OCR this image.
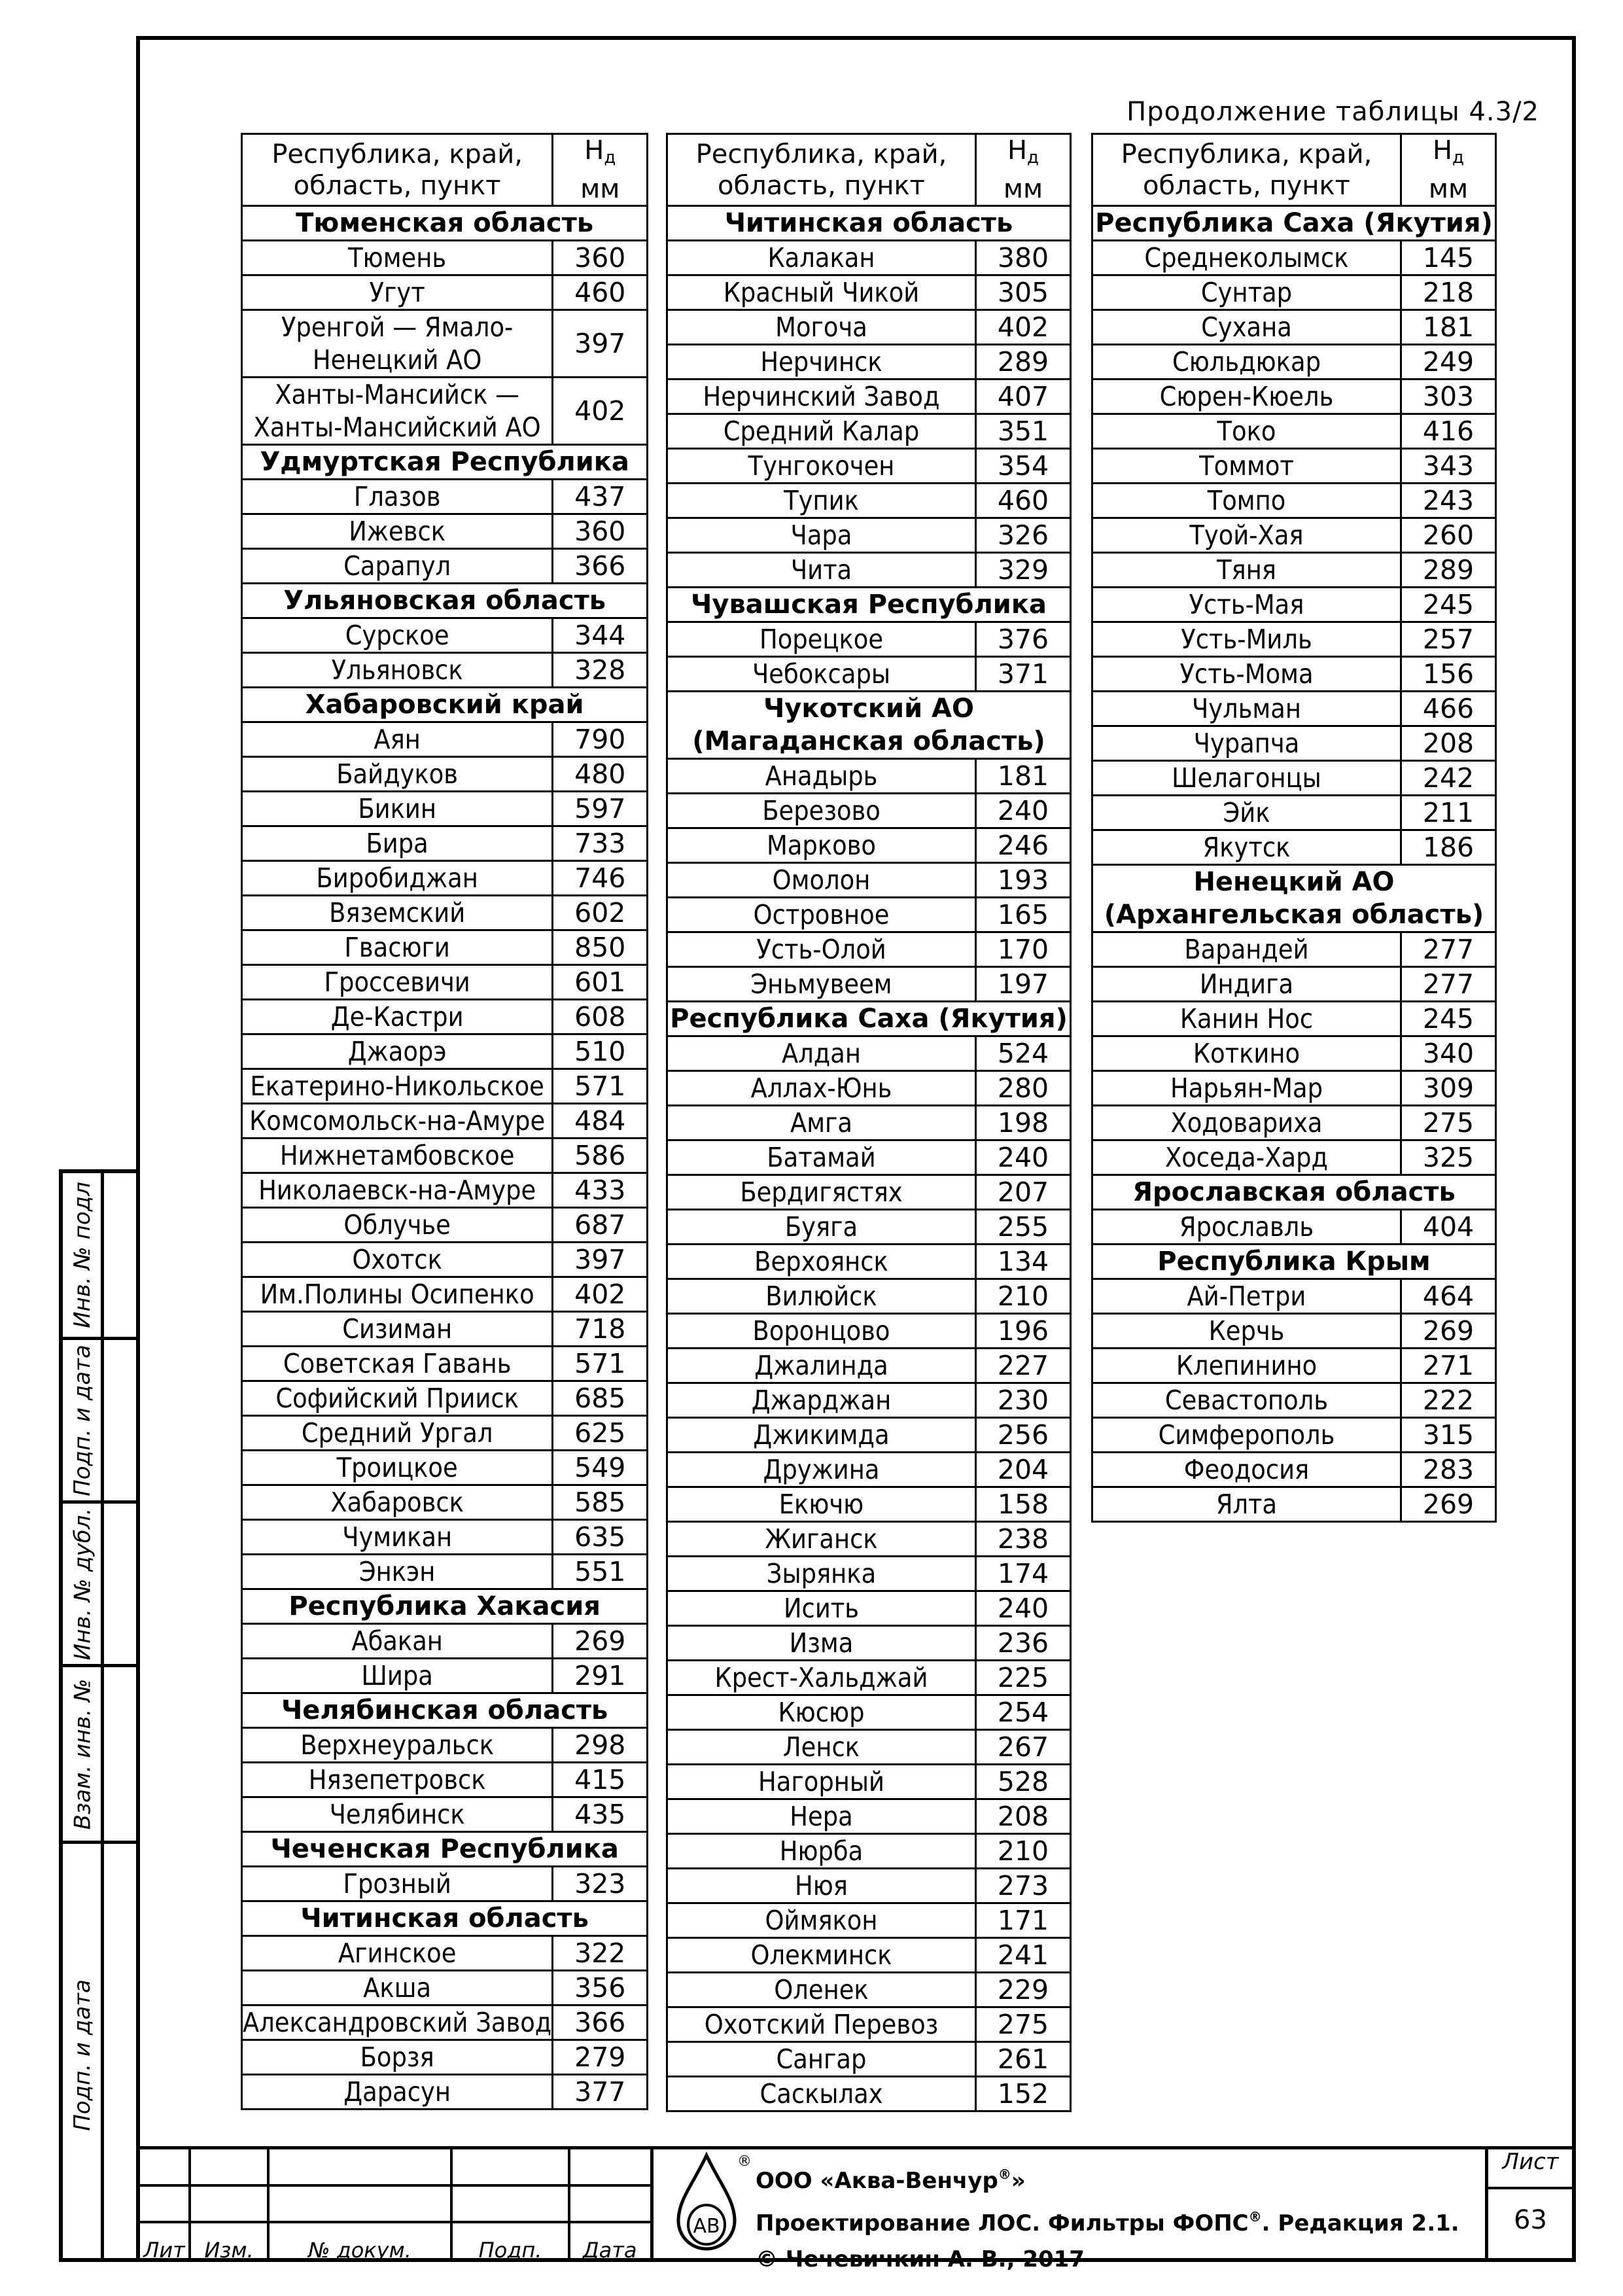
Продолжение таблицы 4.3/2
Республика, край, область, пункт	$H_д$
мм
Тюменская область	
Тюмень	360
Угут	460
Уренгой — Ямало-Ненецкий АО	397
Ханты-Мансийск — Ханты-Мансийский АО	402
Удмуртская Республика	
Глазов	437
Ижевск	360
Сарапул	366
Ульяновская область	
Сурское	344
Ульяновск	328
Хабаровский край	
Аян	790
Байдуков	480
Бикин	597
Бира	733
Биробиджан	746
Вяземский	602
Гвасюги	850
Гроссевичи	601
Де-Кастри	608
Джаорэ	510
Екатерино-Никольское	571
Комсомольск-на-Амуре	484
Нижнетамбовское	586
Николаевск-на-Амуре	433
Облучье	687
Охотск	397
Им.Полины Осипенко	402
Сизиман	718
Советская Гавань	571
Софийский Прииск	685
Средний Ургал	625
Троицкое	549
Хабаровск	585
Чумикан	635
Энкэн	551
Республика Хакасия	
Абакан	269
Шира	291
Челябинская область	
Верхнеуральск	298
Нязепетровск	415
Челябинск	435
Чеченская Республика	
Грозный	323
Читинская область	
Агинское	322
Акша	356
Александровский Завод	366
Борзя	279
Дарасун	377
Республика, край, область, пункт	$H_д$
мм
Читинская область	
Калакан	380
Красный Чикой	305
Могоча	402
Нерчинск	289
Нерчинский Завод	407
Средний Калар	351
Тунгокочен	354
Тупик	460
Чара	326
Чита	329
Чувашская Республика	
Порецкое	376
Чебоксары	371
Чукотский АО (Магаданская область)	
Анадырь	181
Березово	240
Марково	246
Омолон	193
Островное	165
Усть-Олой	170
Эньмувеем	197
Республика Саха (Якутия)	
Алдан	524
Аллах-Юнь	280
Амга	198
Батамай	240
Бердигястях	207
Буяга	255
Верхоянск	134
Вилюйск	210
Воронцово	196
Джалинда	227
Джарджан	230
Джикимда	256
Дружина	204
Екючю	158
Жиганск	238
Зырянка	174
Исить	240
Изма	236
Крест-Хальджай	225
Кюсюр	254
Ленск	267
Нагорный	528
Нера	208
Нюрба	210
Нюя	273
Оймякон	171
Олекминск	241
Оленек	229
Охотский Перевоз	275
Сангар	261
Саскылах	152
Республика, край, область, пункт	$H_д$
мм
Республика Саха (Якутия)	
Среднеколымск	145
Сунтар	218
Сухана	181
Сюльдюкар	249
Сюрен-Кюель	303
Токо	416
Томмот	343
Томпо	243
Туой-Хая	260
Тяня	289
Усть-Мая	245
Усть-Миль	257
Усть-Мома	156
Чульман	466
Чурапча	208
Шелагонцы	242
Эйк	211
Якутск	186
Ненецкий АО (Архангельская область)	
Варандей	277
Индига	277
Канин Нос	245
Коткино	340
Нарьян-Мар	309
Ходовариха	275
Хоседа-Хард	325
Ярославская область	
Ярославль	404
Республика Крым	
Ай-Петри	464
Керчь	269
Клепинино	271
Севастополь	222
Симферополь	315
Феодосия	283
Ялта	269
Инв. № подл
Подп. и дата
Инв. № дубл.
Взам. инв. №
Подп. и дата
Лит Изм.	№ докум.	Подп.	Дата
АВ
®
ООО «Аква-Венчур®»
Проектирование ЛОС. Фильтры ФОПС®. Редакция 2.1.
© Чечевичкин А. В., 2017
Лист
63
